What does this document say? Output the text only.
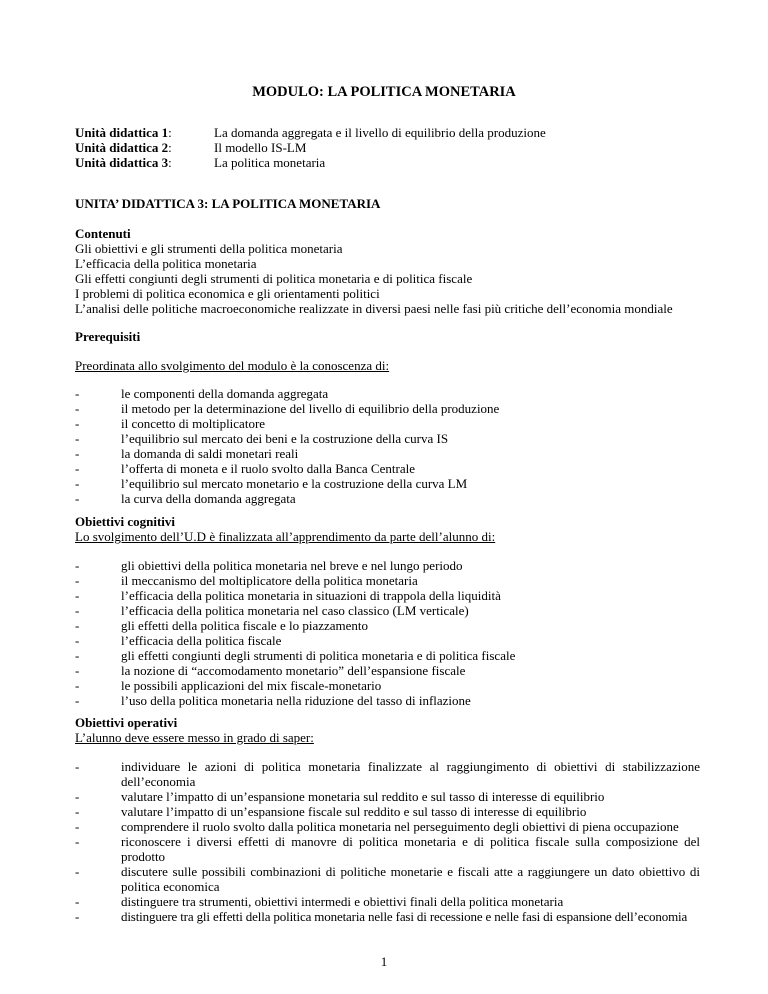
MODULO: LA POLITICA MONETARIA
Unità didattica 1:	La domanda aggregata e il livello di equilibrio della produzione
Unità didattica 2:	Il modello IS-LM
Unità didattica 3:	La politica monetaria
UNITA’ DIDATTICA 3: LA POLITICA MONETARIA
Contenuti
Gli obiettivi e gli strumenti della politica monetaria
L’efficacia della politica monetaria
Gli effetti congiunti degli strumenti di politica monetaria e di politica fiscale
I problemi di politica economica e gli orientamenti politici
L’analisi delle politiche macroeconomiche realizzate in diversi paesi nelle fasi più critiche dell’economia mondiale
Prerequisiti
Preordinata allo svolgimento del modulo è la conoscenza di:
-	le componenti della domanda aggregata
-	il metodo per la determinazione del livello di equilibrio della produzione
-	il concetto di moltiplicatore
-	l’equilibrio sul mercato dei beni e la costruzione della curva IS
-	la domanda di saldi monetari reali
-	l’offerta di moneta e il ruolo svolto dalla Banca Centrale
-	l’equilibrio sul mercato monetario e la costruzione della curva LM
-	la curva della domanda aggregata
Obiettivi cognitivi
Lo svolgimento dell’U.D è finalizzata all’apprendimento da parte dell’alunno di:
-	gli obiettivi della politica monetaria nel breve e nel lungo periodo
-	il meccanismo del moltiplicatore della politica monetaria
-	l’efficacia della politica monetaria in situazioni di trappola della liquidità
-	l’efficacia della politica monetaria nel caso classico (LM verticale)
-	gli effetti della politica fiscale e lo piazzamento
-	l’efficacia della politica fiscale
-	gli effetti congiunti degli strumenti di politica monetaria e di politica fiscale
-	la nozione di “accomodamento monetario” dell’espansione fiscale
-	le possibili applicazioni del mix fiscale-monetario
-	l’uso della politica monetaria nella riduzione del tasso di inflazione
Obiettivi operativi
L’alunno deve essere messo in grado di saper:
-	individuare le azioni di politica monetaria finalizzate al raggiungimento di obiettivi di stabilizzazione dell’economia
-	valutare l’impatto di un’espansione monetaria sul reddito e sul tasso di interesse di equilibrio
-	valutare l’impatto di un’espansione fiscale sul reddito e sul tasso di interesse di equilibrio
-	comprendere il ruolo svolto dalla politica monetaria nel perseguimento degli obiettivi di piena occupazione
-	riconoscere i diversi effetti di manovre di politica monetaria e di politica fiscale sulla composizione del prodotto
-	discutere sulle possibili combinazioni di politiche monetarie e fiscali atte a raggiungere un dato obiettivo di politica economica
-	distinguere tra strumenti, obiettivi intermedi e obiettivi finali della politica monetaria
-	distinguere tra gli effetti della politica monetaria nelle fasi di recessione e nelle fasi di espansione dell’economia
1
